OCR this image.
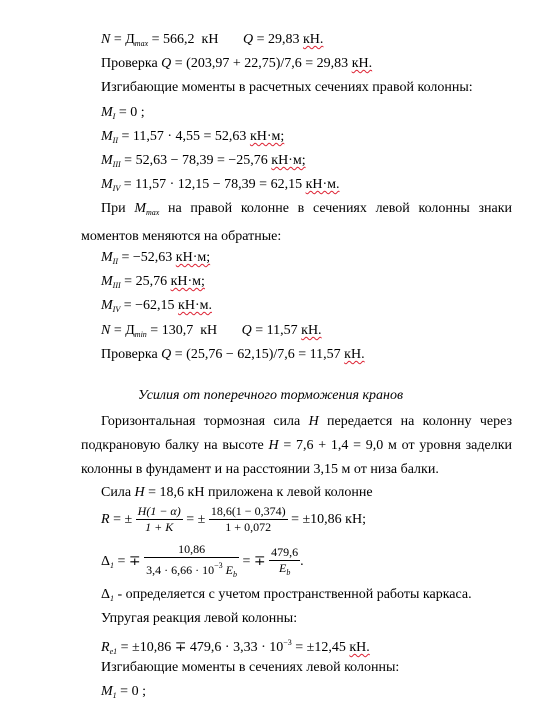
$N = Д_{max} = 566,2$ кН Q = 29,83 кН.
Проверка Q = (203,97 + 22,75)/7,6 = 29,83 кН.
Изгибающие моменты в расчетных сечениях правой колонны:
$M_I = 0$ ;
$M_{II} = 11,57 \cdot 4,55 = 52,63$ кН·м;
$M_{III} = 52,63 - 78,39 = -25,76$ кН·м;
$M_{IV} = 11,57 \cdot 12,15 - 78,39 = 62,15$ кН·м.
При $M_{max}$ на правой колонне в сечениях левой колонны знаки моментов меняются на обратные:
$M_{II} = -52,63$ кН·м;
$M_{III} = 25,76$ кН·м;
$M_{IV} = -62,15$ кН·м.
$N = Д_{min} = 130,7$ кН Q = 11,57 кН.
Проверка Q = (25,76 − 62,15)/7,6 = 11,57 кН.
Усилия от поперечного торможения кранов
Горизонтальная тормозная сила H передается на колонну через подкрановую балку на высоте H = 7,6 + 1,4 = 9,0 м от уровня заделки колонны в фундамент и на расстоянии 3,15 м от низа балки.
Сила H = 18,6 кН приложена к левой колонне
R = ± $\frac{H(1 - \alpha)}{1 + K}$ = ± $\frac{18,6(1 - 0,374)}{1 + 0,072} = \pm 10,86$ кН;
$\Delta_1$ = ∓ $\frac{10,86}{3,4 \cdot 6,66 \cdot 10^{-3} E_b}$ = ∓ $\frac{479,6}{E_b}$ .
$\Delta_1$ - определяется с учетом пространственной работы каркаса.
Упругая реакция левой колонны:
$R_{e1} = \pm 10,86 \mp 479,6 \cdot 3,33 \cdot 10^{-3} = \pm 12,45$ кН.
Изгибающие моменты в сечениях левой колонны:
$M_1 = 0$ ;
